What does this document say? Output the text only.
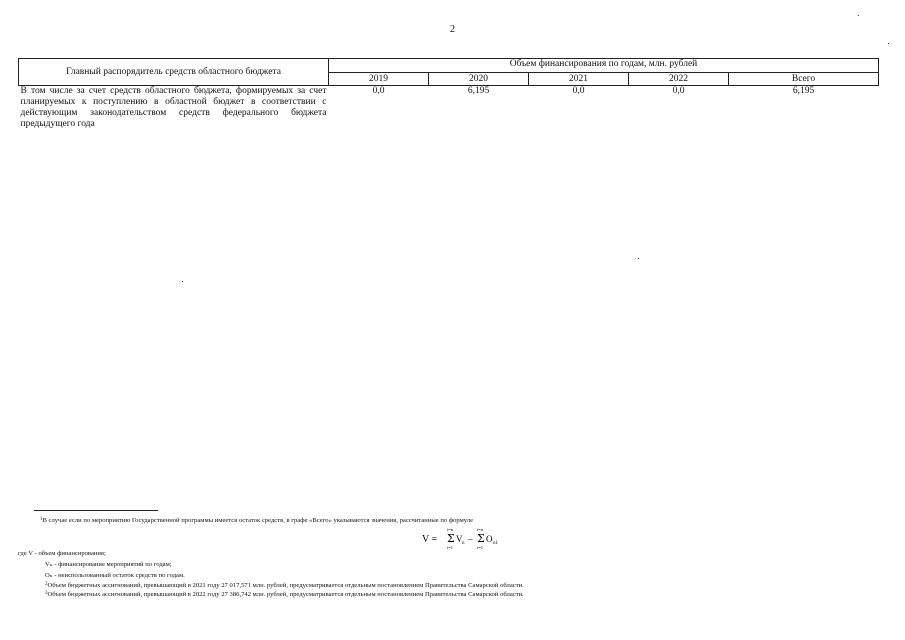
2
Главный распорядитель средств областного бюджета	Объем финансирования по годам, млн. рублей				
	2019	2020	2021	2022	Всего
В том числе за счет средств областного бюджета, формируемых за счет планируемых к поступлению в областной бюджет в соответствии с действующим законодательством средств федерального бюджета предыдущего года	0,0	6,195	0,0	0,0	6,195
$^1$В случае если по мероприятию Государственной программы имеется остаток средств, в графе «Всего» указываются значения, рассчитанные по формуле
V =
i=n
Σ
i=1
V n –
i=n
Σ
i=1
O n1
где V - объем финансирования;
Vₙ - финансирование мероприятий по годам;
Oₙ - неиспользованный остаток средств по годам.
$^2$Объем бюджетных ассигнований, превышающий в 2021 году 27 017,571 млн. рублей, предусматривается отдельным постановлением Правительства Самарской области.
$^3$Объем бюджетных ассигнований, превышающий в 2022 году 27 386,742 млн. рублей, предусматривается отдельным постановлением Правительства Самарской области.
